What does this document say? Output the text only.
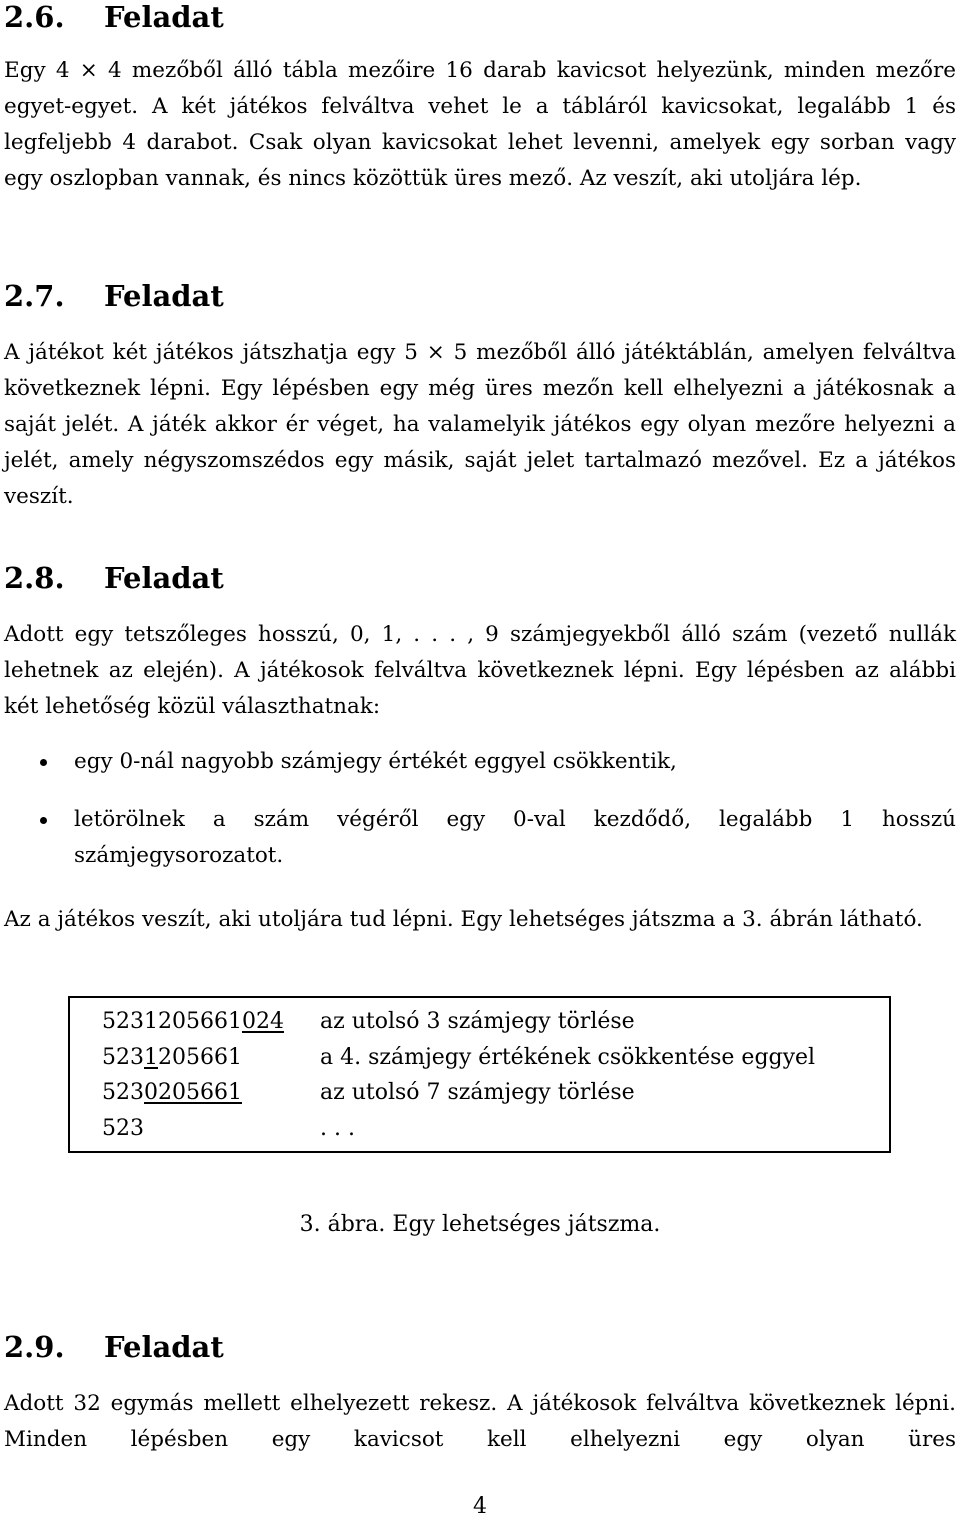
2.6. Feladat

Egy 4 × 4 mezőből álló tábla mezőire 16 darab kavicsot helyezünk, minden mezőre egyet-egyet. A két játékos felváltva vehet le a tábláról kavicsokat, legalább 1 és legfeljebb 4 darabot. Csak olyan kavicsokat lehet levenni, amelyek egy sorban vagy egy oszlopban vannak, és nincs közöttük üres mező. Az veszít, aki utoljára lép.

2.7. Feladat

A játékot két játékos játszhatja egy 5 × 5 mezőből álló játéktáblán, amelyen felváltva következnek lépni. Egy lépésben egy még üres mezőn kell elhelyezni a játékosnak a saját jelét. A játék akkor ér véget, ha valamelyik játékos egy olyan mezőre helyezni a jelét, amely négyszomszédos egy másik, saját jelet tartalmazó mezővel. Ez a játékos veszít.

2.8. Feladat

Adott egy tetszőleges hosszú, 0, 1, . . . , 9 számjegyekből álló szám (vezető nullák lehetnek az elején). A játékosok felváltva következnek lépni. Egy lépésben az alábbi két lehetőség közül választhatnak:

egy 0-nál nagyobb számjegy értékét eggyel csökkentik,
letörölnek a szám végéről egy 0-val kezdődő, legalább 1 hosszú számjegysorozatot.

Az a játékos veszít, aki utoljára tud lépni. Egy lehetséges játszma a 3. ábrán látható.

5231205661024	az utolsó 3 számjegy törlése
5231205661	a 4. számjegy értékének csökkentése eggyel
5230205661	az utolsó 7 számjegy törlése
523	. . .

3. ábra. Egy lehetséges játszma.

2.9. Feladat

Adott 32 egymás mellett elhelyezett rekesz. A játékosok felváltva következnek lépni. Minden lépésben egy kavicsot kell elhelyezni egy olyan üres

4
